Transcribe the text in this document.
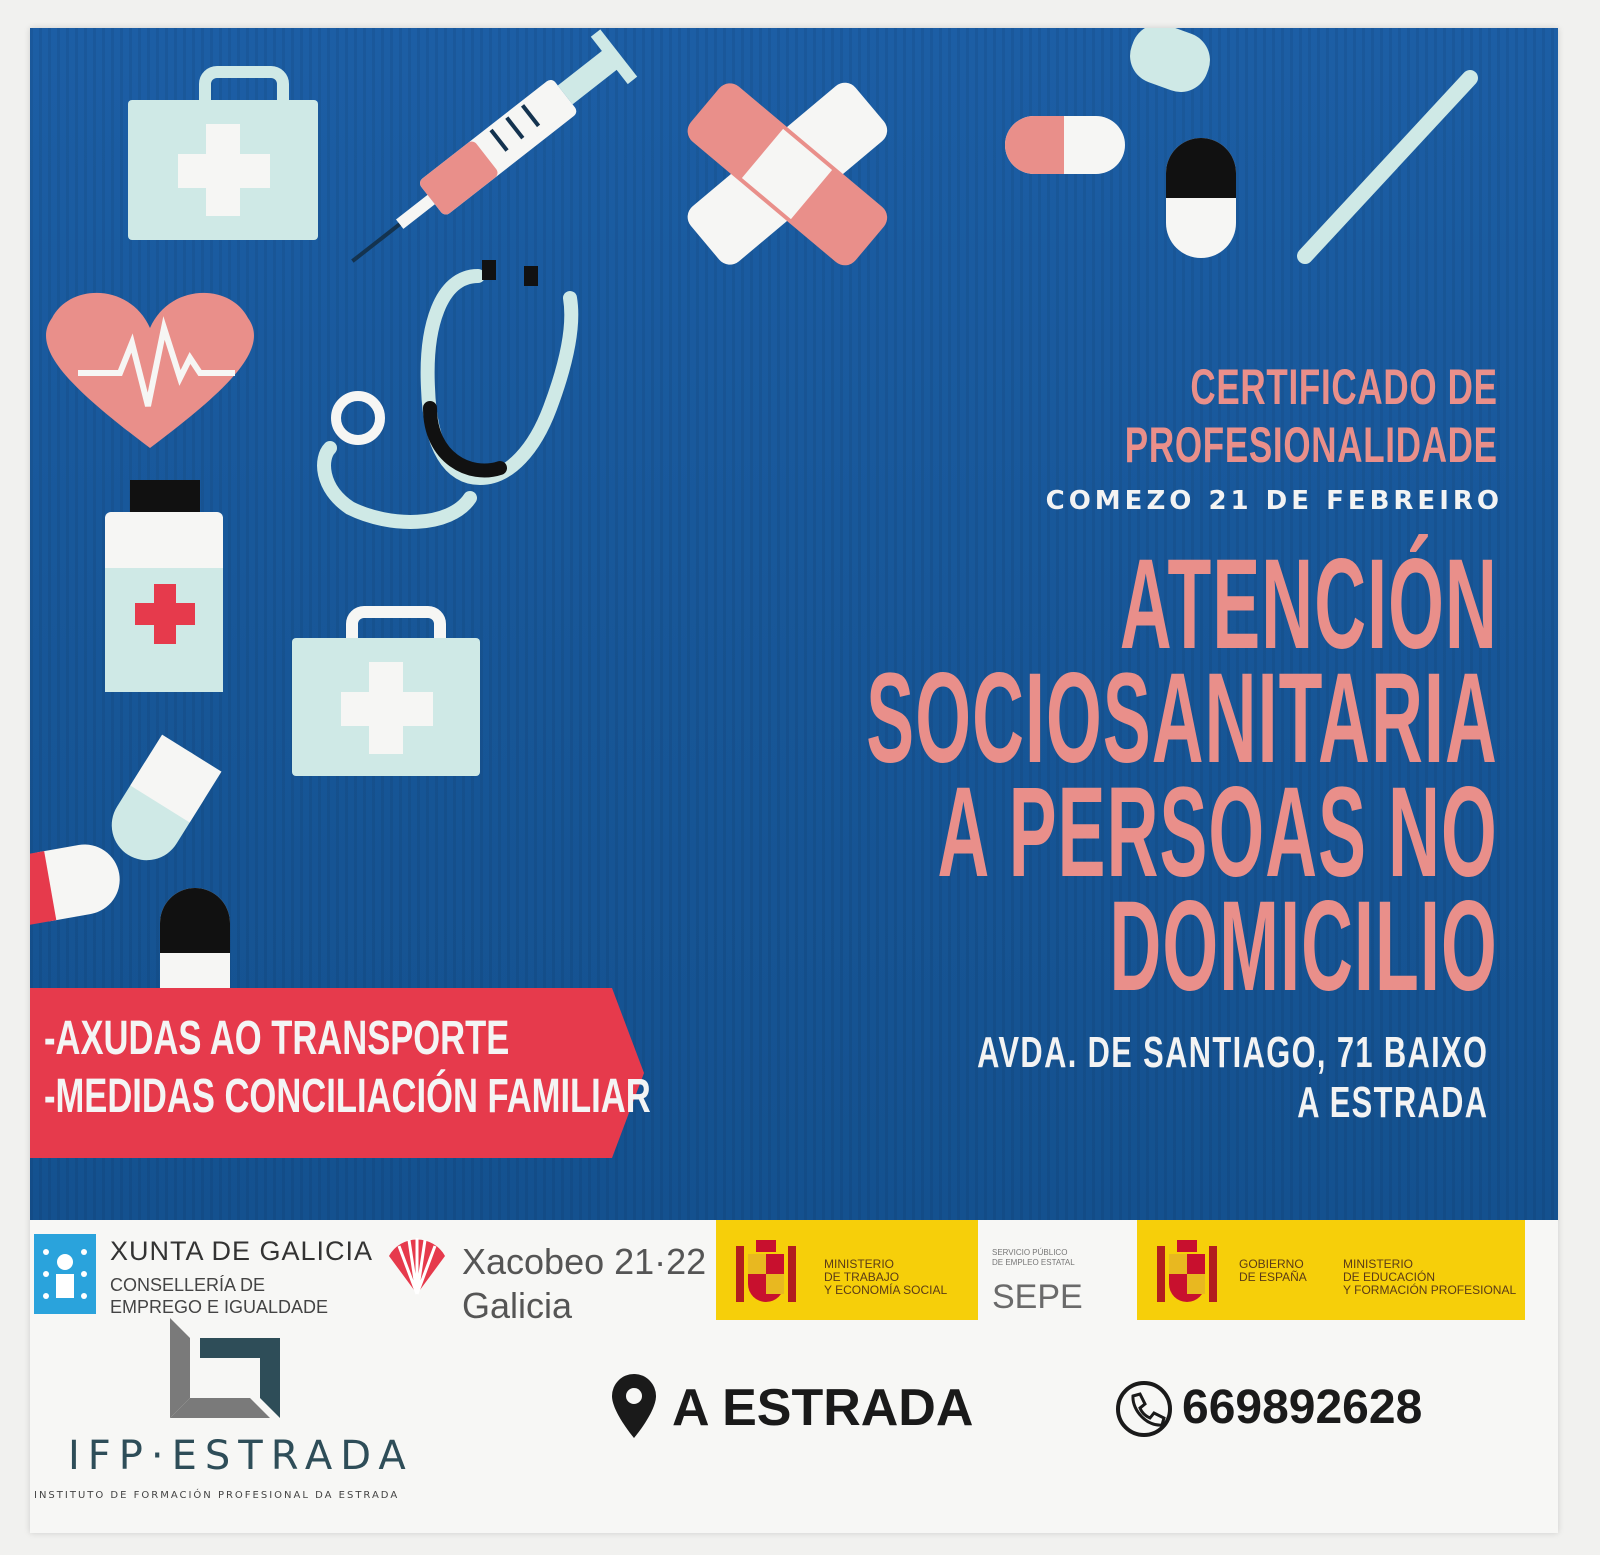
CERTIFICADO DE
PROFESIONALIDADE
COMEZO 21 DE FEBREIRO
ATENCIÓN
SOCIOSANITARIA
A PERSOAS NO
DOMICILIO
AVDA. DE SANTIAGO, 71 BAIXO
A ESTRADA
-AXUDAS AO TRANSPORTE
-MEDIDAS CONCILIACIÓN FAMILIAR
XUNTA DE GALICIA
CONSELLERÍA DE
EMPREGO E IGUALDADE
Xacobeo 21·22
Galicia
MINISTERIO
DE TRABAJO
Y ECONOMÍA SOCIAL
SERVICIO PÚBLICO
DE EMPLEO ESTATAL
SEPE
GOBIERNO
DE ESPAÑA
MINISTERIO
DE EDUCACIÓN
Y FORMACIÓN PROFESIONAL
IFP·ESTRADA
INSTITUTO DE FORMACIÓN PROFESIONAL DA ESTRADA
A ESTRADA	669892628
